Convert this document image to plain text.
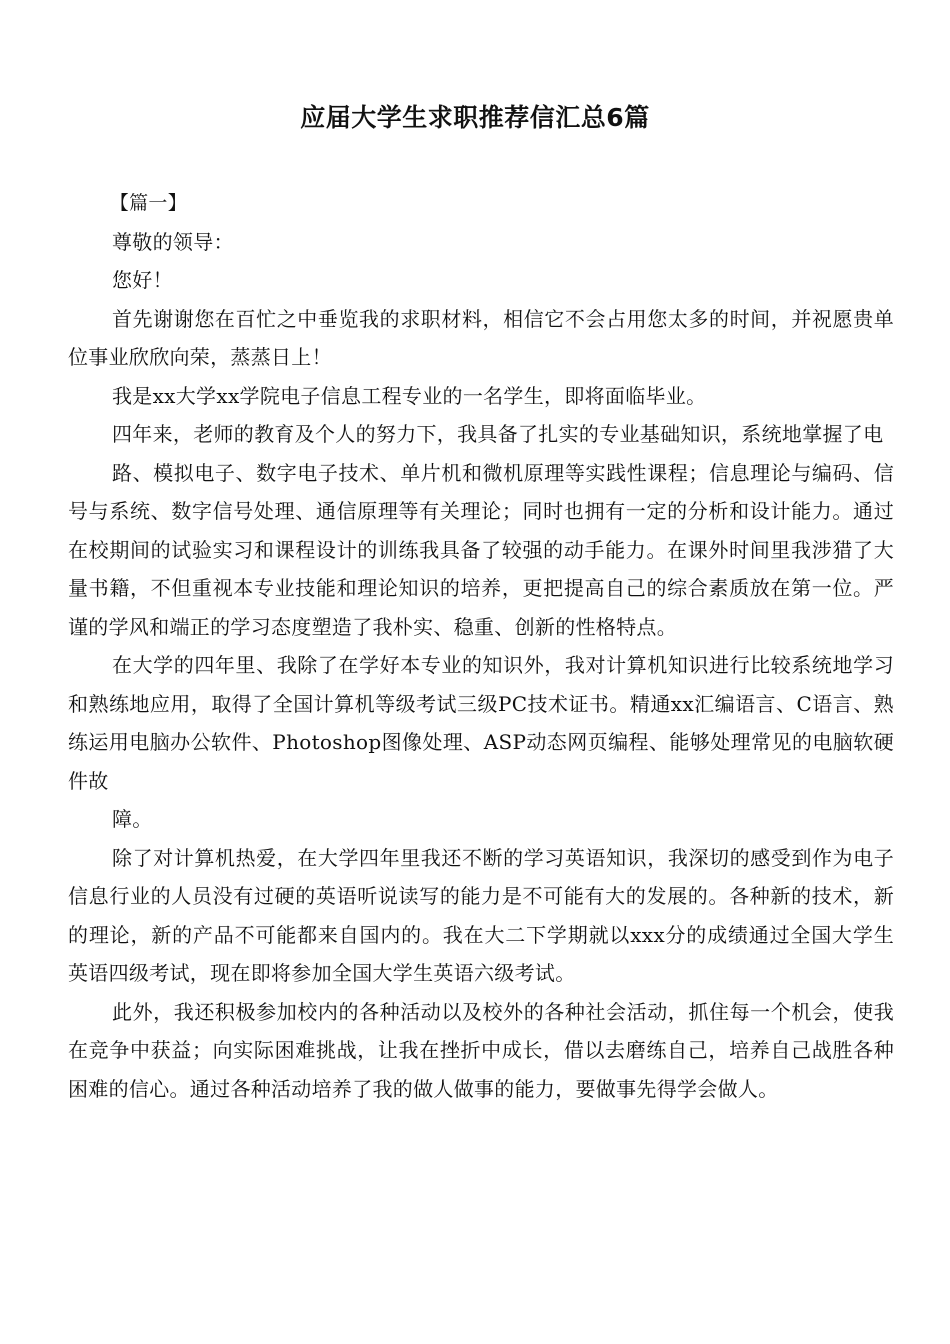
应届大学生求职推荐信汇总6篇

【篇一】

尊敬的领导：

您好！

首先谢谢您在百忙之中垂览我的求职材料，相信它不会占用您太多的时间，并祝愿贵单位事业欣欣向荣，蒸蒸日上！

我是xx大学xx学院电子信息工程专业的一名学生，即将面临毕业。

四年来，老师的教育及个人的努力下，我具备了扎实的专业基础知识，系统地掌握了电

路、模拟电子、数字电子技术、单片机和微机原理等实践性课程；信息理论与编码、信号与系统、数字信号处理、通信原理等有关理论；同时也拥有一定的分析和设计能力。通过在校期间的试验实习和课程设计的训练我具备了较强的动手能力。在课外时间里我涉猎了大量书籍，不但重视本专业技能和理论知识的培养，更把提高自己的综合素质放在第一位。严谨的学风和端正的学习态度塑造了我朴实、稳重、创新的性格特点。

在大学的四年里、我除了在学好本专业的知识外，我对计算机知识进行比较系统地学习和熟练地应用，取得了全国计算机等级考试三级PC技术证书。精通xx汇编语言、C语言、熟练运用电脑办公软件、Photoshop图像处理、ASP动态网页编程、能够处理常见的电脑软硬件故

障。

除了对计算机热爱，在大学四年里我还不断的学习英语知识，我深切的感受到作为电子信息行业的人员没有过硬的英语听说读写的能力是不可能有大的发展的。各种新的技术，新的理论，新的产品不可能都来自国内的。我在大二下学期就以xxx分的成绩通过全国大学生英语四级考试，现在即将参加全国大学生英语六级考试。

此外，我还积极参加校内的各种活动以及校外的各种社会活动，抓住每一个机会，使我在竞争中获益；向实际困难挑战，让我在挫折中成长，借以去磨练自己，培养自己战胜各种困难的信心。通过各种活动培养了我的做人做事的能力，要做事先得学会做人。
